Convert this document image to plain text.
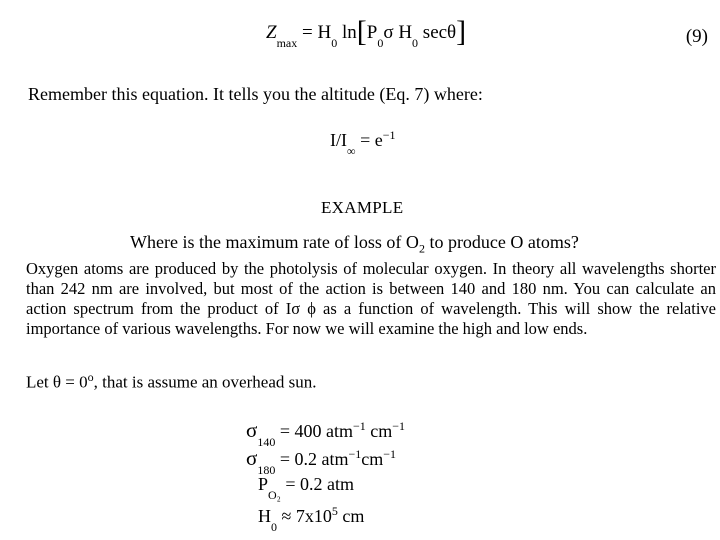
$Z_{max} = H_0$ $\ln[P_0\sigma$ $H_0$ secθ]	(9)
Remember this equation. It tells you the altitude (Eq. 7) where:
$I/I_\infty = e^{-1}$
EXAMPLE
Where is the maximum rate of loss of $O_2$ to produce O atoms?
Oxygen atoms are produced by the photolysis of molecular oxygen. In theory all wavelengths shorter than 242 nm are involved, but most of the action is between 140 and 180 nm. You can calculate an action spectrum from the product of Iσ ϕ as a function of wavelength. This will show the relative importance of various wavelengths. For now we will examine the high and low ends.
Let $\theta = 0^o$, that is assume an overhead sun.
$\sigma_{140} = 400$ atm$^{-1}$ $cm^{-1}$
$\sigma_{180} = 0.2$ $atm^{-1}cm^{-1}$
$P_{O_2} = 0.2$ atm
$H_0 \approx 7x10^5$ cm
